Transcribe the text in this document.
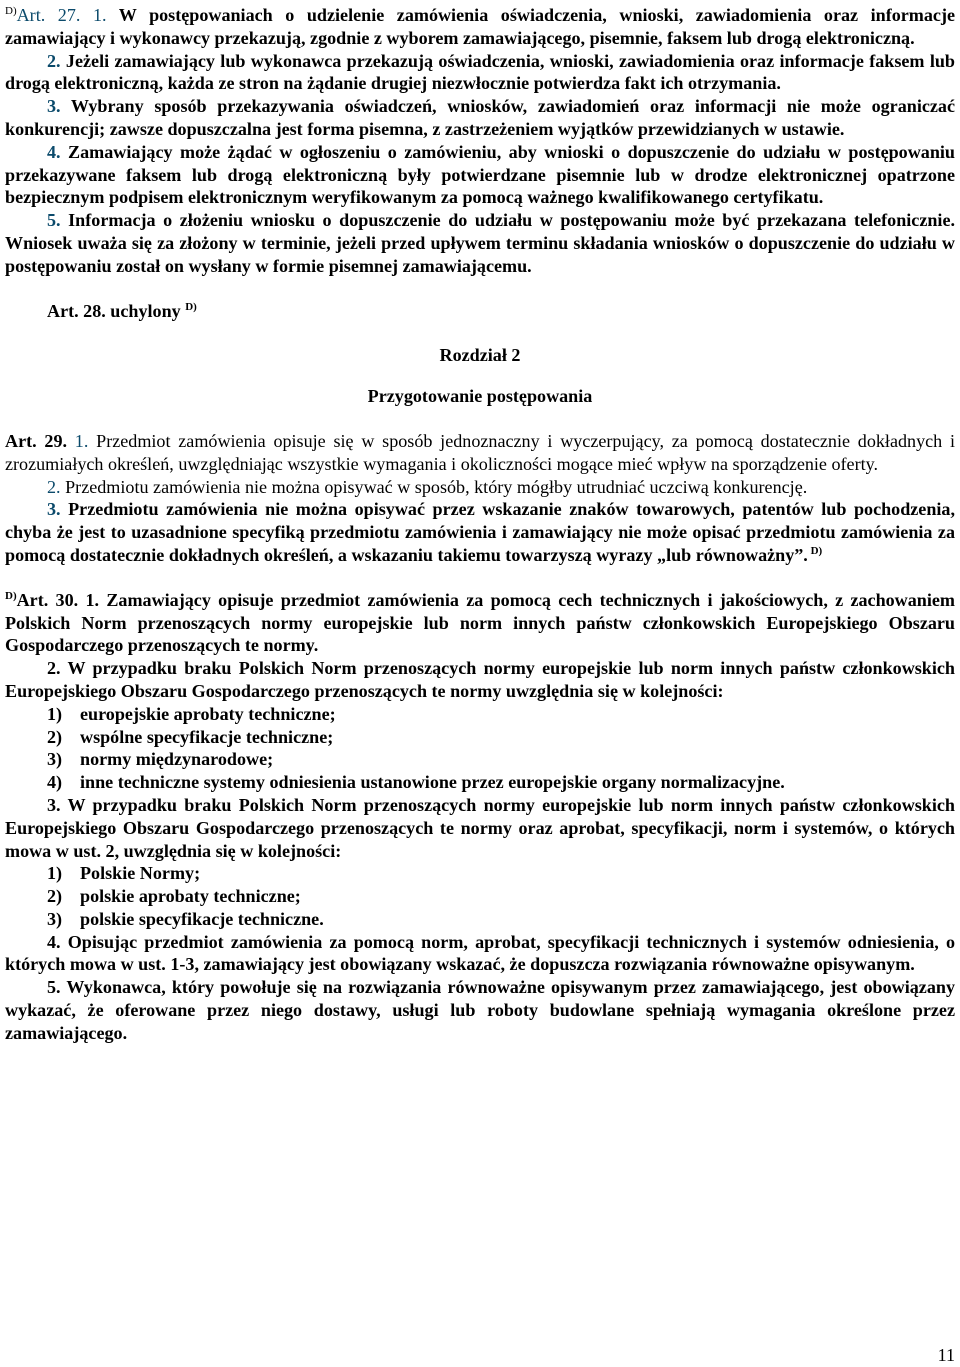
$^{D)}$Art. 27. 1. W postępowaniach o udzielenie zamówienia oświadczenia, wnioski, zawiadomienia oraz informacje zamawiający i wykonawcy przekazują, zgodnie z wyborem zamawiającego, pisemnie, faksem lub drogą elektroniczną.

2. Jeżeli zamawiający lub wykonawca przekazują oświadczenia, wnioski, zawiadomienia oraz informacje faksem lub drogą elektroniczną, każda ze stron na żądanie drugiej niezwłocznie potwierdza fakt ich otrzymania.

3. Wybrany sposób przekazywania oświadczeń, wniosków, zawiadomień oraz informacji nie może ograniczać konkurencji; zawsze dopuszczalna jest forma pisemna, z zastrzeżeniem wyjątków przewidzianych w ustawie.

4. Zamawiający może żądać w ogłoszeniu o zamówieniu, aby wnioski o dopuszczenie do udziału w postępowaniu przekazywane faksem lub drogą elektroniczną były potwierdzane pisemnie lub w drodze elektronicznej opatrzone bezpiecznym podpisem elektronicznym weryfikowanym za pomocą ważnego kwalifikowanego certyfikatu.

5. Informacja o złożeniu wniosku o dopuszczenie do udziału w postępowaniu może być przekazana telefonicznie. Wniosek uważa się za złożony w terminie, jeżeli przed upływem terminu składania wniosków o dopuszczenie do udziału w postępowaniu został on wysłany w formie pisemnej zamawiającemu.

Art. 28. uchylony $^{D)}$

Rozdział 2

Przygotowanie postępowania

Art. 29. 1. Przedmiot zamówienia opisuje się w sposób jednoznaczny i wyczerpujący, za pomocą dostatecznie dokładnych i zrozumiałych określeń, uwzględniając wszystkie wymagania i okoliczności mogące mieć wpływ na sporządzenie oferty.

2. Przedmiotu zamówienia nie można opisywać w sposób, który mógłby utrudniać uczciwą konkurencję.

3. Przedmiotu zamówienia nie można opisywać przez wskazanie znaków towarowych, patentów lub pochodzenia, chyba że jest to uzasadnione specyfiką przedmiotu zamówienia i zamawiający nie może opisać przedmiotu zamówienia za pomocą dostatecznie dokładnych określeń, a wskazaniu takiemu towarzyszą wyrazy „lub równoważny”. $^{D)}$

$^{D)}$Art. 30. 1. Zamawiający opisuje przedmiot zamówienia za pomocą cech technicznych i jakościowych, z zachowaniem Polskich Norm przenoszących normy europejskie lub norm innych państw członkowskich Europejskiego Obszaru Gospodarczego przenoszących te normy.

2. W przypadku braku Polskich Norm przenoszących normy europejskie lub norm innych państw członkowskich Europejskiego Obszaru Gospodarczego przenoszących te normy uwzględnia się w kolejności:

1) europejskie aprobaty techniczne;

2) wspólne specyfikacje techniczne;

3) normy międzynarodowe;

4) inne techniczne systemy odniesienia ustanowione przez europejskie organy normalizacyjne.

3. W przypadku braku Polskich Norm przenoszących normy europejskie lub norm innych państw członkowskich Europejskiego Obszaru Gospodarczego przenoszących te normy oraz aprobat, specyfikacji, norm i systemów, o których mowa w ust. 2, uwzględnia się w kolejności:

1) Polskie Normy;

2) polskie aprobaty techniczne;

3) polskie specyfikacje techniczne.

4. Opisując przedmiot zamówienia za pomocą norm, aprobat, specyfikacji technicznych i systemów odniesienia, o których mowa w ust. 1-3, zamawiający jest obowiązany wskazać, że dopuszcza rozwiązania równoważne opisywanym.

5. Wykonawca, który powołuje się na rozwiązania równoważne opisywanym przez zamawiającego, jest obowiązany wykazać, że oferowane przez niego dostawy, usługi lub roboty budowlane spełniają wymagania określone przez zamawiającego.

11
